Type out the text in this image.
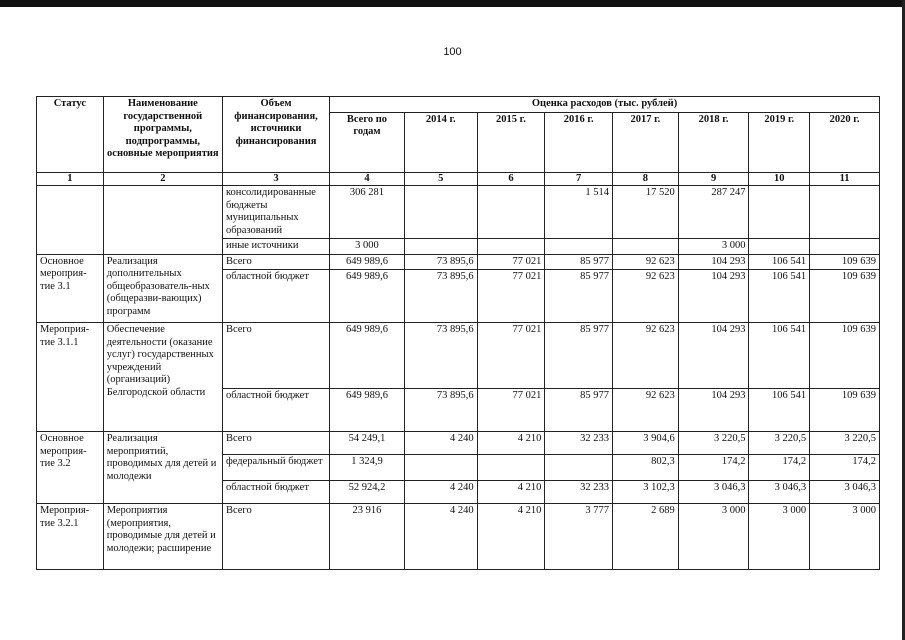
100
Статус	Наименование государственной программы, подпрограммы, основные мероприятия	Объем финансирования, источники финансирования	Оценка расходов (тыс. рублей)							
			Всего по годам	2014 г.	2015 г.	2016 г.	2017 г.	2018 г.	2019 г.	2020 г.
1	2	3	4	5	6	7	8	9	10	11
		консолидированные бюджеты муниципальных образований	306 281			1 514	17 520	287 247		
		иные источники	3 000					3 000		
Основное мероприя-тие 3.1	Реализация дополнительных общеобразователь-ных (общеразви-вающих) программ	Всего	649 989,6	73 895,6	77 021	85 977	92 623	104 293	106 541	109 639
		областной бюджет	649 989,6	73 895,6	77 021	85 977	92 623	104 293	106 541	109 639
Мероприя-тие 3.1.1	Обеспечение деятельности (оказание услуг) государственных учреждений (организаций) Белгородской области	Всего	649 989,6	73 895,6	77 021	85 977	92 623	104 293	106 541	109 639
		областной бюджет	649 989,6	73 895,6	77 021	85 977	92 623	104 293	106 541	109 639
Основное мероприя-тие 3.2	Реализация мероприятий, проводимых для детей и молодежи	Всего	54 249,1	4 240	4 210	32 233	3 904,6	3 220,5	3 220,5	3 220,5
		федеральный бюджет	1 324,9				802,3	174,2	174,2	174,2
		областной бюджет	52 924,2	4 240	4 210	32 233	3 102,3	3 046,3	3 046,3	3 046,3
Мероприя-тие 3.2.1	Мероприятия (мероприятия, проводимые для детей и молодежи; расширение	Всего	23 916	4 240	4 210	3 777	2 689	3 000	3 000	3 000
